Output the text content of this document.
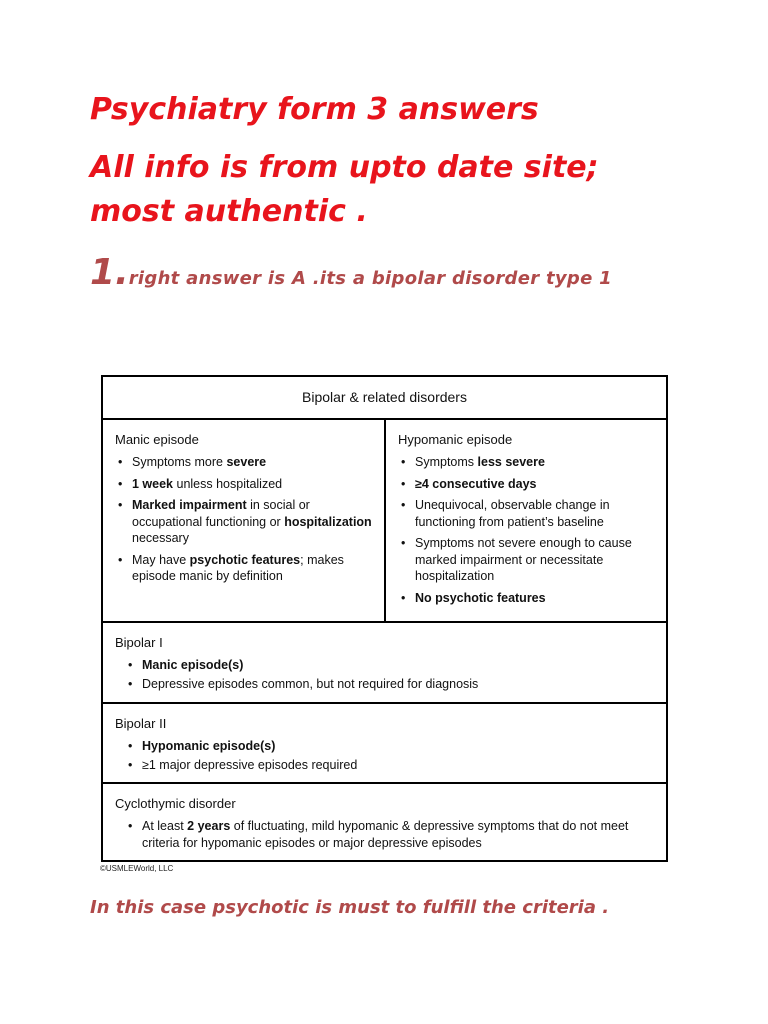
Psychiatry form 3 answers
All info is from upto date site;
most authentic .
1.right answer is A .its a bipolar disorder type 1
Bipolar & related disorders
Manic episode
• Symptoms more severe
• 1 week unless hospitalized
• Marked impairment in social or occupational functioning or hospitalization necessary
• May have psychotic features; makes episode manic by definition
Hypomanic episode
• Symptoms less severe
• ≥4 consecutive days
• Unequivocal, observable change in functioning from patient’s baseline
• Symptoms not severe enough to cause marked impairment or necessitate hospitalization
• No psychotic features
Bipolar I
• Manic episode(s)
• Depressive episodes common, but not required for diagnosis
Bipolar II
• Hypomanic episode(s)
• ≥1 major depressive episodes required
Cyclothymic disorder
• At least 2 years of fluctuating, mild hypomanic & depressive symptoms that do not meet criteria for hypomanic episodes or major depressive episodes
©USMLEWorld, LLC

In this case psychotic is must to fulfill the criteria .
